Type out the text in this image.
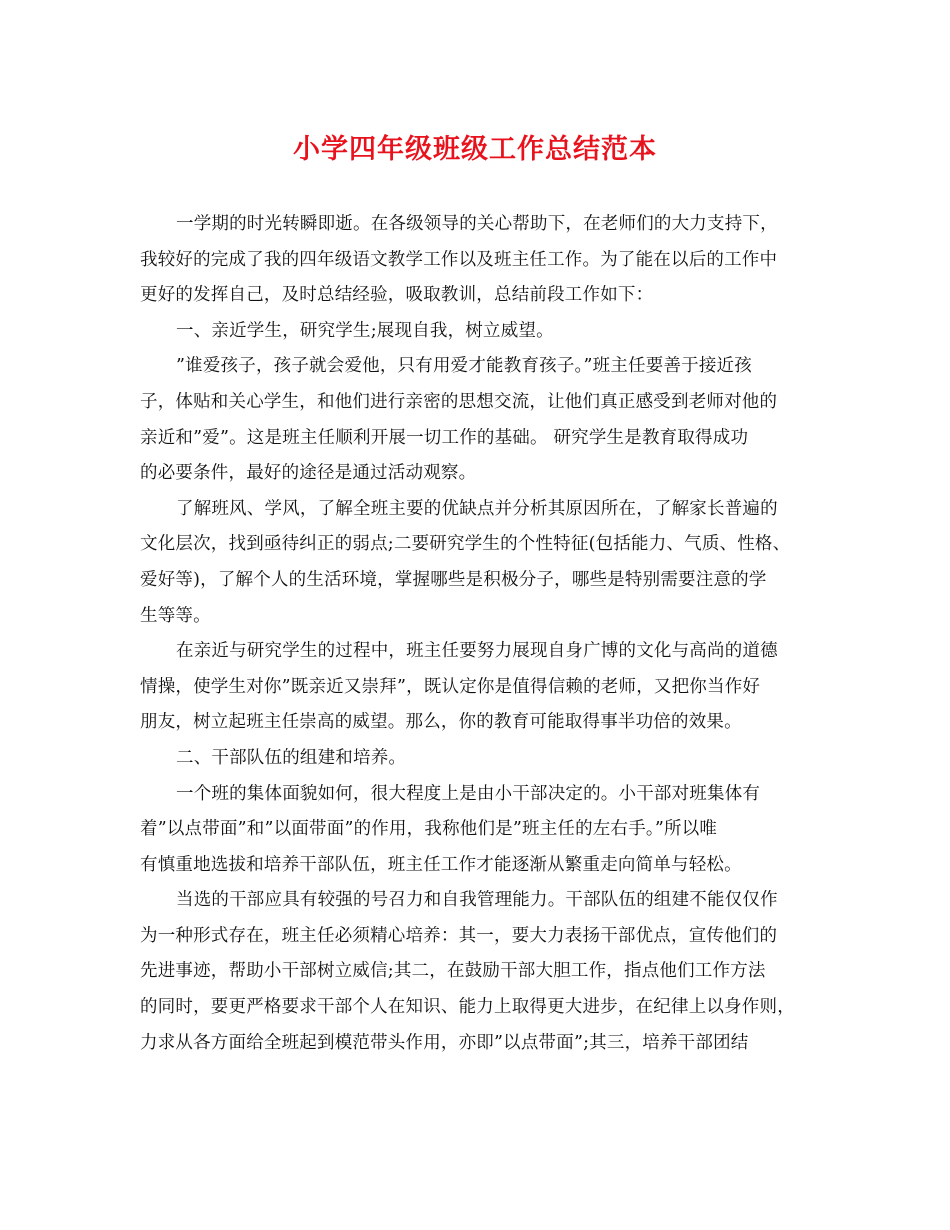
小学四年级班级工作总结范本
一学期的时光转瞬即逝。在各级领导的关心帮助下，在老师们的大力支持下，
我较好的完成了我的四年级语文教学工作以及班主任工作。为了能在以后的工作中
更好的发挥自己，及时总结经验，吸取教训，总结前段工作如下：
一、亲近学生，研究学生;展现自我，树立威望。
”谁爱孩子，孩子就会爱他，只有用爱才能教育孩子。”班主任要善于接近孩
子，体贴和关心学生，和他们进行亲密的思想交流，让他们真正感受到老师对他的
亲近和”爱”。这是班主任顺利开展一切工作的基础。 研究学生是教育取得成功
的必要条件，最好的途径是通过活动观察。
了解班风、学风，了解全班主要的优缺点并分析其原因所在，了解家长普遍的
文化层次，找到亟待纠正的弱点;二要研究学生的个性特征(包括能力、气质、性格、
爱好等)，了解个人的生活环境，掌握哪些是积极分子，哪些是特别需要注意的学
生等等。
在亲近与研究学生的过程中，班主任要努力展现自身广博的文化与高尚的道德
情操，使学生对你”既亲近又崇拜”，既认定你是值得信赖的老师，又把你当作好
朋友，树立起班主任崇高的威望。那么，你的教育可能取得事半功倍的效果。
二、干部队伍的组建和培养。
一个班的集体面貌如何，很大程度上是由小干部决定的。小干部对班集体有
着”以点带面”和”以面带面”的作用，我称他们是”班主任的左右手。”所以唯
有慎重地选拔和培养干部队伍，班主任工作才能逐渐从繁重走向简单与轻松。
当选的干部应具有较强的号召力和自我管理能力。干部队伍的组建不能仅仅作
为一种形式存在，班主任必须精心培养：其一，要大力表扬干部优点，宣传他们的
先进事迹，帮助小干部树立威信;其二，在鼓励干部大胆工作，指点他们工作方法
的同时，要更严格要求干部个人在知识、能力上取得更大进步，在纪律上以身作则，
力求从各方面给全班起到模范带头作用，亦即”以点带面”;其三，培养干部团结
